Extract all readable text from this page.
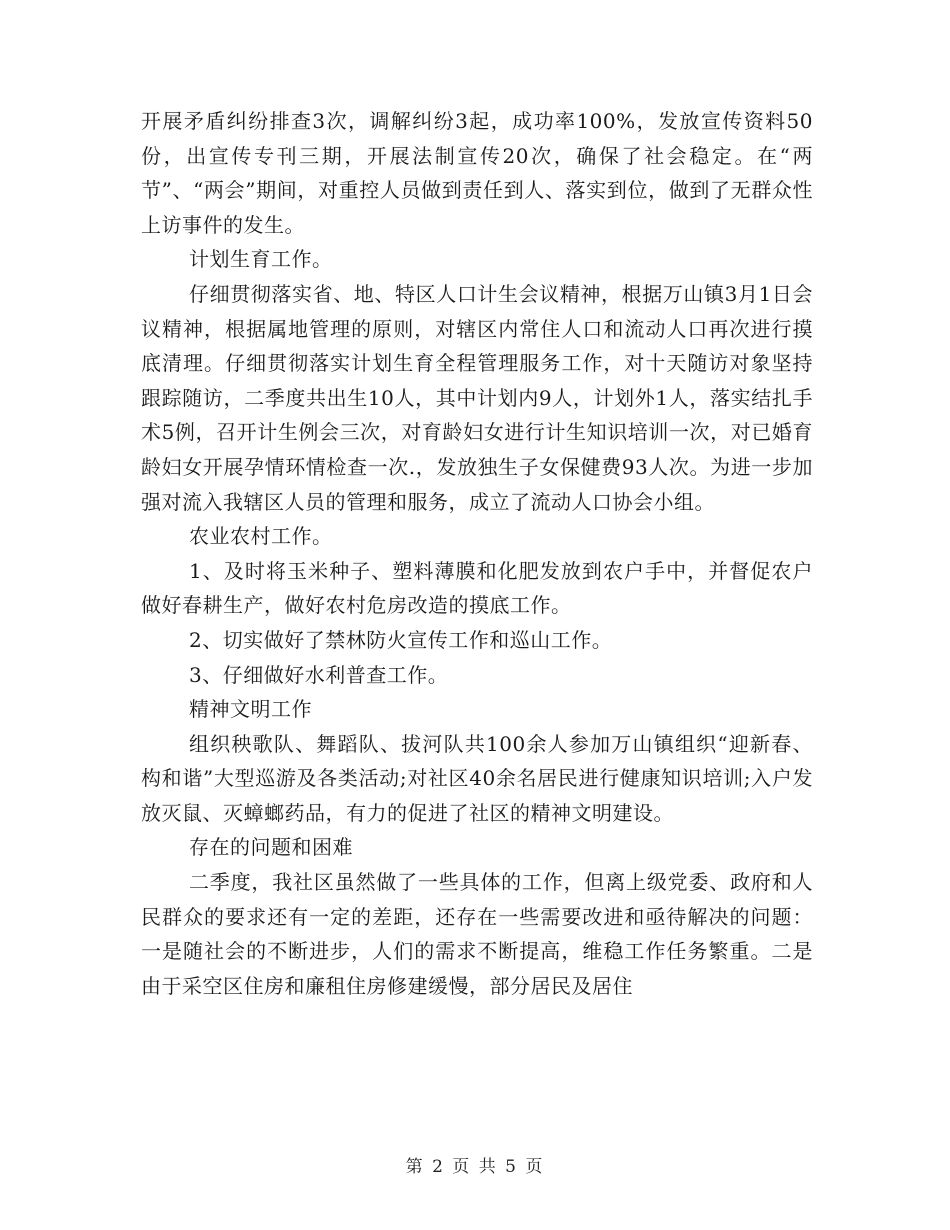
开展矛盾纠纷排查3次，调解纠纷3起，成功率100%，发放宣传资料50份，出宣传专刊三期，开展法制宣传20次，确保了社会稳定。在“两节”、“两会”期间，对重控人员做到责任到人、落实到位，做到了无群众性上访事件的发生。

计划生育工作。

仔细贯彻落实省、地、特区人口计生会议精神，根据万山镇3月1日会议精神，根据属地管理的原则，对辖区内常住人口和流动人口再次进行摸底清理。仔细贯彻落实计划生育全程管理服务工作，对十天随访对象坚持跟踪随访，二季度共出生10人，其中计划内9人，计划外1人，落实结扎手术5例，召开计生例会三次，对育龄妇女进行计生知识培训一次，对已婚育龄妇女开展孕情环情检查一次.，发放独生子女保健费93人次。为进一步加强对流入我辖区人员的管理和服务，成立了流动人口协会小组。

农业农村工作。

1、及时将玉米种子、塑料薄膜和化肥发放到农户手中，并督促农户做好春耕生产，做好农村危房改造的摸底工作。

2、切实做好了禁林防火宣传工作和巡山工作。

3、仔细做好水利普查工作。

精神文明工作

组织秧歌队、舞蹈队、拔河队共100余人参加万山镇组织“迎新春、构和谐”大型巡游及各类活动;对社区40余名居民进行健康知识培训;入户发放灭鼠、灭蟑螂药品，有力的促进了社区的精神文明建设。

存在的问题和困难

二季度，我社区虽然做了一些具体的工作，但离上级党委、政府和人民群众的要求还有一定的差距，还存在一些需要改进和亟待解决的问题：一是随社会的不断进步，人们的需求不断提高，维稳工作任务繁重。二是由于采空区住房和廉租住房修建缓慢，部分居民及居住

第 2 页 共 5 页
